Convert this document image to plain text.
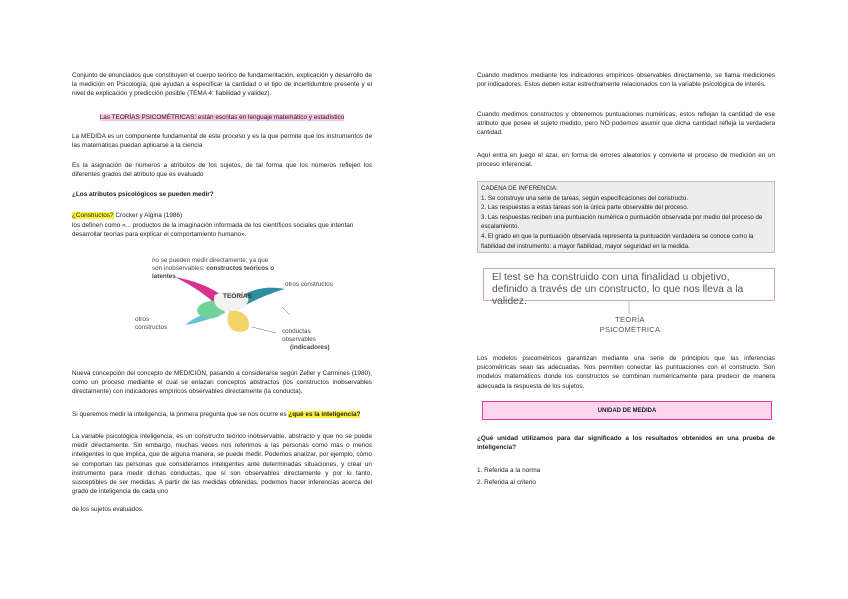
Conjunto de enunciados que constituyen el cuerpo teórico de fundamentación, explicación y desarrollo de la medición en Psicología, que ayudan a especificar la cantidad o el tipo de incertidumbre presente y el nivel de explicación y predicción posible (TEMA 4: fiabilidad y validez).

Las TEORÍAS PSICOMÉTRICAS: están escritas en lenguaje matemático y estadístico

La MEDIDA es un componente fundamental de este proceso y es la que permite que los instrumentos de las matemáticas puedan aplicarse a la ciencia

Es la asignación de números a atributos de los sujetos, de tal forma que los números reflejen los diferentes grados del atributo que es evaluado

¿Los atributos psicológicos se pueden medir?

¿Constructos? Crocker y Algina (1986)

los definen como «... productos de la imaginación informada de los científicos sociales que intentan desarrollar teorías para explicar el comportamiento humano».

no se pueden medir directamente, ya que son inobservables: constructos teóricos o latentes
TEORÍAS
otros constructos
otros constructos
conductas observables
(indicadores)

Nueva concepción del concepto de MEDICIÓN, pasando a considerarse según Zeller y Carmines (1980), como un proceso mediante el cual se enlazan conceptos abstractos (los constructos inobservables directamente) con indicadores empíricos observables directamente (la conducta).

Si queremos medir la inteligencia, la primera pregunta que se nos ocurre es ¿qué es la inteligencia?

La variable psicológica inteligencia, es un constructo teórico inobservable, abstracto y que no se puede medir directamente. Sin embargo, muchas veces nos referimos a las personas como más o menos inteligentes lo que implica, que de alguna manera, se puede medir. Podemos analizar, por ejemplo, cómo se comportan las personas que consideramos inteligentes ante determinadas situaciones, y crear un instrumento para medir dichas conductas, que sí son observables directamente y por lo tanto, susceptibles de ser medidas. A partir de las medidas obtenidas, podemos hacer inferencias acerca del grado de inteligencia de cada uno

de los sujetos evaluados.

Cuando medimos mediante los indicadores empíricos observables directamente, se llama mediciones por indicadores. Estos deben estar estrechamente relacionados con la variable psicológica de interés.

Cuando medimos constructos y obtenemos puntuaciones numéricas, estos reflejan la cantidad de ese atributo que posee el sujeto medido, pero NO podemos asumir que dicha cantidad refleja la verdadera cantidad.

Aquí entra en juego el azar, en forma de errores aleatorios y convierte el proceso de medición en un proceso inferencial.

CADENA DE INFERENCIA:
1. Se construye una serie de tareas, según especificaciones del constructo.
2. Las respuestas a estas tareas son la única parte observable del proceso.
3. Las respuestas reciben una puntuación numérica o puntuación observada por medio del proceso de escalamiento.
4. El grado en que la puntuación observada representa la puntuación verdadera se conoce como la fiabilidad del instrumento: a mayor fiabilidad, mayor seguridad en la medida.
El test se ha construido con una finalidad u objetivo, definido a través de un constructo, lo que nos lleva a la validez.
TEORÍA
PSICOMÉTRICA

Los modelos psicométricos garantizan mediante una serie de principios que las inferencias psicométricas sean las adecuadas. Nos permiten conectar las puntuaciones con el constructo. Son modelos matemáticos donde los constructos se combinan numéricamente para predecir de manera adecuada la respuesta de los sujetos.

UNIDAD DE MEDIDA

¿Qué unidad utilizamos para dar significado a los resultados obtenidos en una prueba de inteligencia?

1. Referida a la norma

2. Referida al criterio
